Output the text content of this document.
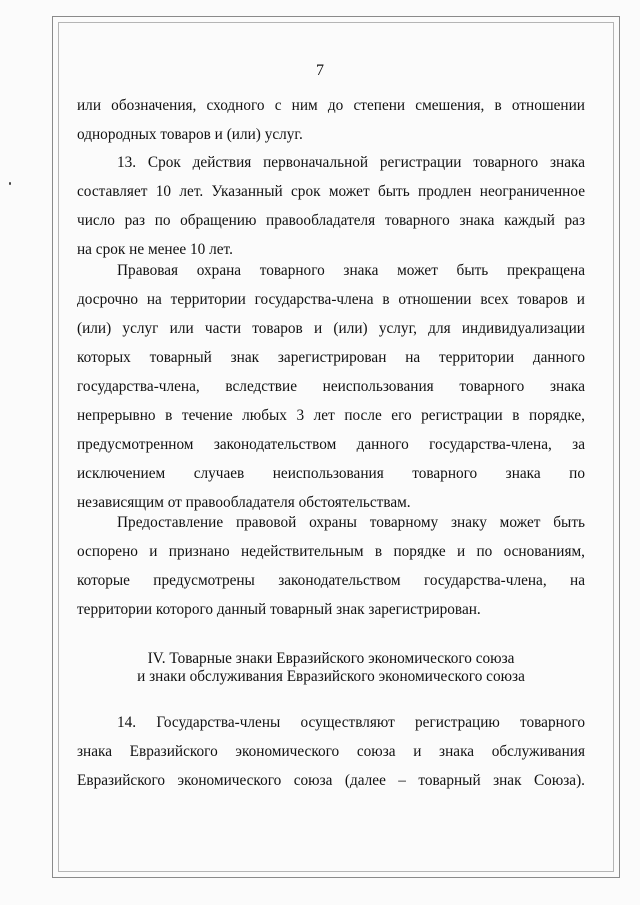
7
или обозначения, сходного с ним до степени смешения, в отношении
однородных товаров и (или) услуг.
13. Срок действия первоначальной регистрации товарного знака
составляет 10 лет. Указанный срок может быть продлен неограниченное
число раз по обращению правообладателя товарного знака каждый раз
на срок не менее 10 лет.
Правовая охрана товарного знака может быть прекращена
досрочно на территории государства-члена в отношении всех товаров и
(или) услуг или части товаров и (или) услуг, для индивидуализации
которых товарный знак зарегистрирован на территории данного
государства-члена, вследствие неиспользования товарного знака
непрерывно в течение любых 3 лет после его регистрации в порядке,
предусмотренном законодательством данного государства-члена, за
исключением случаев неиспользования товарного знака по
независящим от правообладателя обстоятельствам.
Предоставление правовой охраны товарному знаку может быть
оспорено и признано недействительным в порядке и по основаниям,
которые предусмотрены законодательством государства-члена, на
территории которого данный товарный знак зарегистрирован.
IV. Товарные знаки Евразийского экономического союза
и знаки обслуживания Евразийского экономического союза
14. Государства-члены осуществляют регистрацию товарного
знака Евразийского экономического союза и знака обслуживания
Евразийского экономического союза (далее – товарный знак Союза).
